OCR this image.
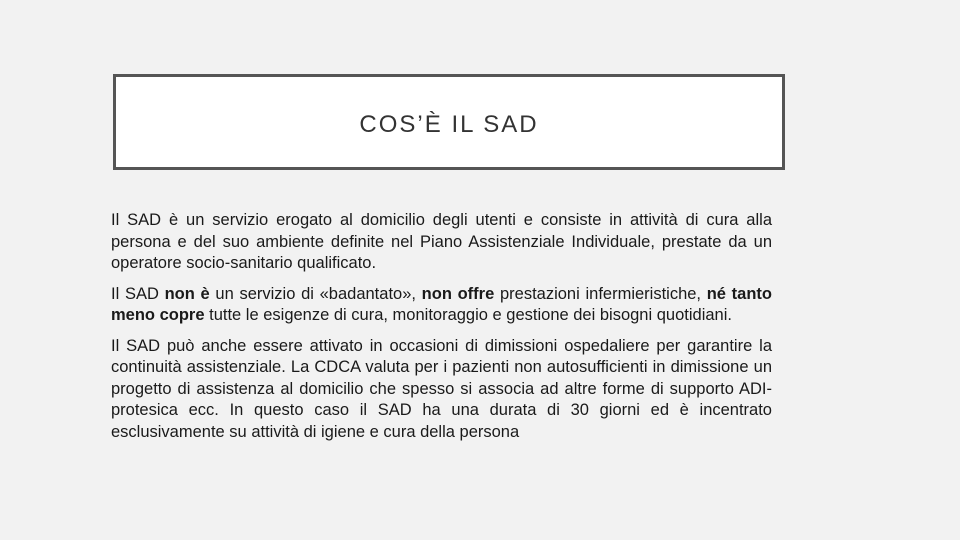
COS’È IL SAD

Il SAD è un servizio erogato al domicilio degli utenti e consiste in attività di cura alla persona e del suo ambiente definite nel Piano Assistenziale Individuale, prestate da un operatore socio-sanitario qualificato.

Il SAD non è un servizio di «badantato», non offre prestazioni infermieristiche, né tanto meno copre tutte le esigenze di cura, monitoraggio e gestione dei bisogni quotidiani.

Il SAD può anche essere attivato in occasioni di dimissioni ospedaliere per garantire la continuità assistenziale. La CDCA valuta per i pazienti non autosufficienti in dimissione un progetto di assistenza al domicilio che spesso si associa ad altre forme di supporto ADI- protesica ecc. In questo caso il SAD ha una durata di 30 giorni ed è incentrato esclusivamente su attività di igiene e cura della persona
